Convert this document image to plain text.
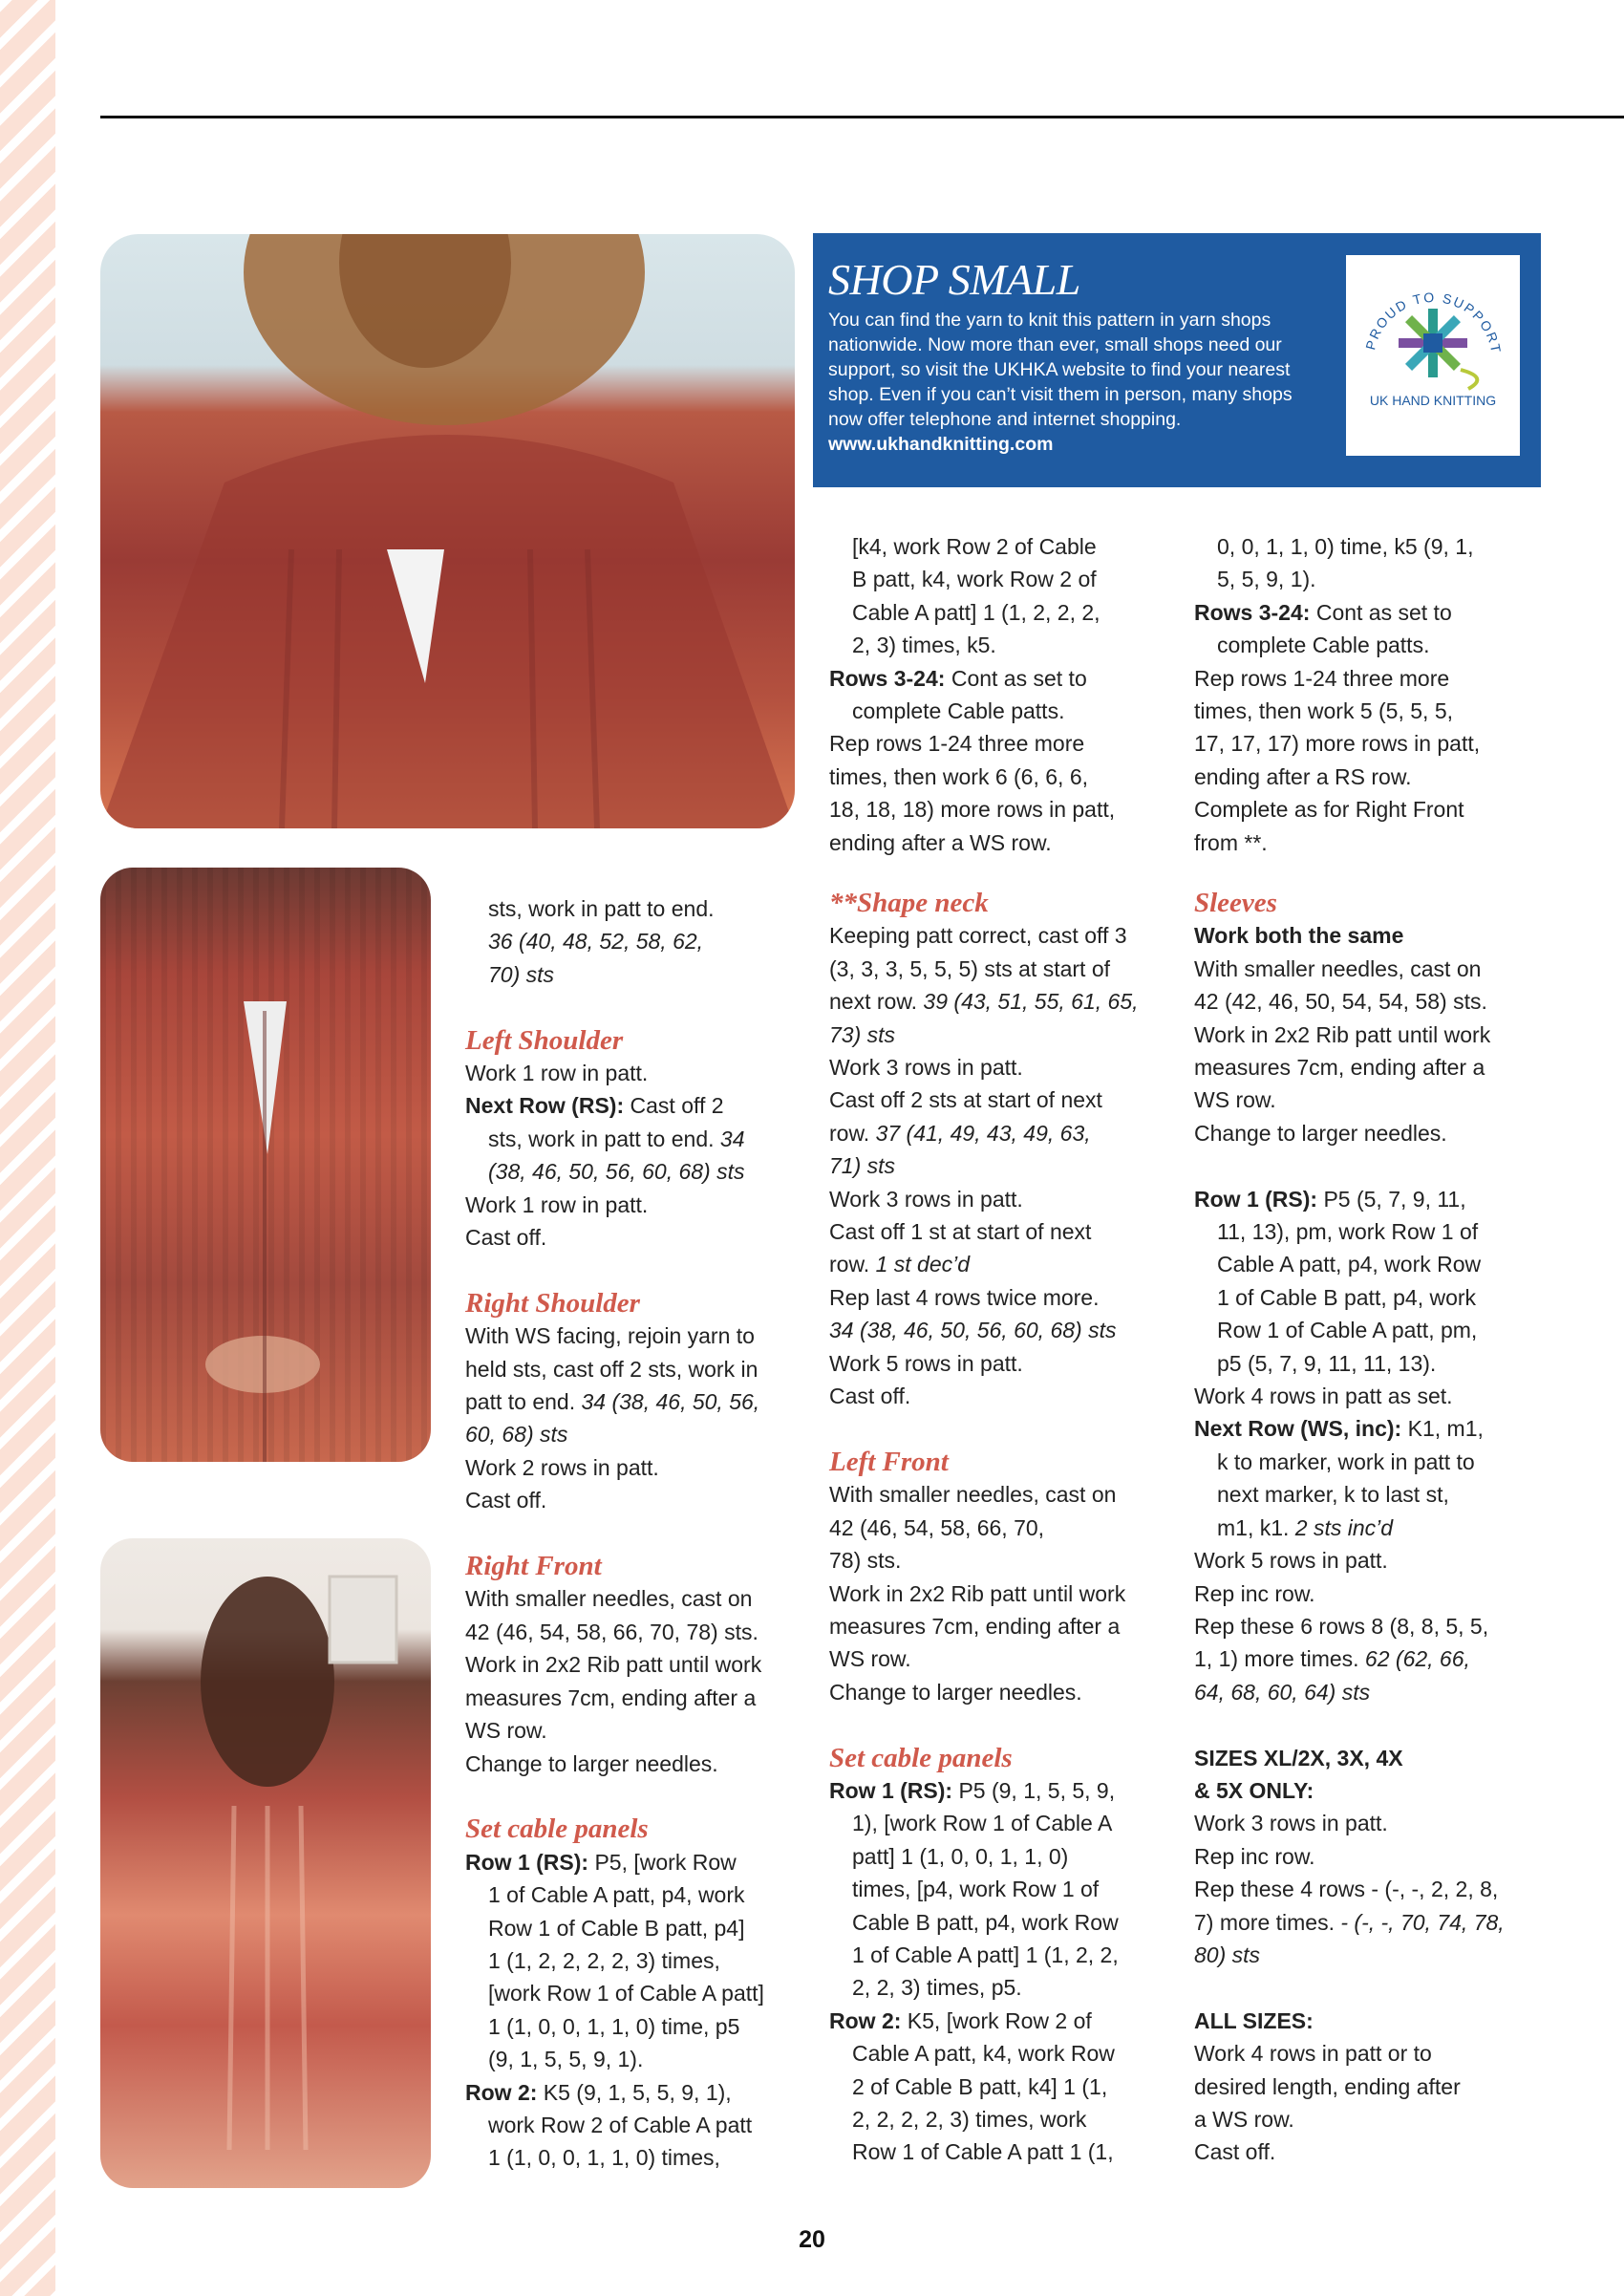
SHOP SMALL
You can find the yarn to knit this pattern in yarn shops nationwide. Now more than ever, small shops need our support, so visit the UKHKA website to find your nearest shop. Even if you can’t visit them in person, many shops now offer telephone and internet shopping. www.ukhandknitting.com
PROUD TO SUPPORT
UK HAND KNITTING

sts, work in patt to end.

36 (40, 48, 52, 58, 62,

70) sts

Left Shoulder

Work 1 row in patt.

Next Row (RS): Cast off 2

sts, work in patt to end. 34

(38, 46, 50, 56, 60, 68) sts

Work 1 row in patt.

Cast off.

Right Shoulder

With WS facing, rejoin yarn to

held sts, cast off 2 sts, work in

patt to end. 34 (38, 46, 50, 56,

60, 68) sts

Work 2 rows in patt.

Cast off.

Right Front

With smaller needles, cast on

42 (46, 54, 58, 66, 70, 78) sts.

Work in 2x2 Rib patt until work

measures 7cm, ending after a

WS row.

Change to larger needles.

Set cable panels

Row 1 (RS): P5, [work Row

1 of Cable A patt, p4, work

Row 1 of Cable B patt, p4]

1 (1, 2, 2, 2, 2, 3) times,

[work Row 1 of Cable A patt]

1 (1, 0, 0, 1, 1, 0) time, p5

(9, 1, 5, 5, 9, 1).

Row 2: K5 (9, 1, 5, 5, 9, 1),

work Row 2 of Cable A patt

1 (1, 0, 0, 1, 1, 0) times,

[k4, work Row 2 of Cable

B patt, k4, work Row 2 of

Cable A patt] 1 (1, 2, 2, 2,

2, 3) times, k5.

Rows 3-24: Cont as set to

complete Cable patts.

Rep rows 1-24 three more

times, then work 6 (6, 6, 6,

18, 18, 18) more rows in patt,

ending after a WS row.

**Shape neck

Keeping patt correct, cast off 3

(3, 3, 3, 5, 5, 5) sts at start of

next row. 39 (43, 51, 55, 61, 65,

73) sts

Work 3 rows in patt.

Cast off 2 sts at start of next

row. 37 (41, 49, 43, 49, 63,

71) sts

Work 3 rows in patt.

Cast off 1 st at start of next

row. 1 st dec’d

Rep last 4 rows twice more.

34 (38, 46, 50, 56, 60, 68) sts

Work 5 rows in patt.

Cast off.

Left Front

With smaller needles, cast on

42 (46, 54, 58, 66, 70,

78) sts.

Work in 2x2 Rib patt until work

measures 7cm, ending after a

WS row.

Change to larger needles.

Set cable panels

Row 1 (RS): P5 (9, 1, 5, 5, 9,

1), [work Row 1 of Cable A

patt] 1 (1, 0, 0, 1, 1, 0)

times, [p4, work Row 1 of

Cable B patt, p4, work Row

1 of Cable A patt] 1 (1, 2, 2,

2, 2, 3) times, p5.

Row 2: K5, [work Row 2 of

Cable A patt, k4, work Row

2 of Cable B patt, k4] 1 (1,

2, 2, 2, 2, 3) times, work

Row 1 of Cable A patt 1 (1,

0, 0, 1, 1, 0) time, k5 (9, 1,

5, 5, 9, 1).

Rows 3-24: Cont as set to

complete Cable patts.

Rep rows 1-24 three more

times, then work 5 (5, 5, 5,

17, 17, 17) more rows in patt,

ending after a RS row.

Complete as for Right Front

from **.

Sleeves

Work both the same

With smaller needles, cast on

42 (42, 46, 50, 54, 54, 58) sts.

Work in 2x2 Rib patt until work

measures 7cm, ending after a

WS row.

Change to larger needles.

Row 1 (RS): P5 (5, 7, 9, 11,

11, 13), pm, work Row 1 of

Cable A patt, p4, work Row

1 of Cable B patt, p4, work

Row 1 of Cable A patt, pm,

p5 (5, 7, 9, 11, 11, 13).

Work 4 rows in patt as set.

Next Row (WS, inc): K1, m1,

k to marker, work in patt to

next marker, k to last st,

m1, k1. 2 sts inc’d

Work 5 rows in patt.

Rep inc row.

Rep these 6 rows 8 (8, 8, 5, 5,

1, 1) more times. 62 (62, 66,

64, 68, 60, 64) sts

SIZES XL/2X, 3X, 4X

& 5X ONLY:

Work 3 rows in patt.

Rep inc row.

Rep these 4 rows - (-, -, 2, 2, 8,

7) more times. - (-, -, 70, 74, 78,

80) sts

ALL SIZES:

Work 4 rows in patt or to

desired length, ending after

a WS row.

Cast off.

20
